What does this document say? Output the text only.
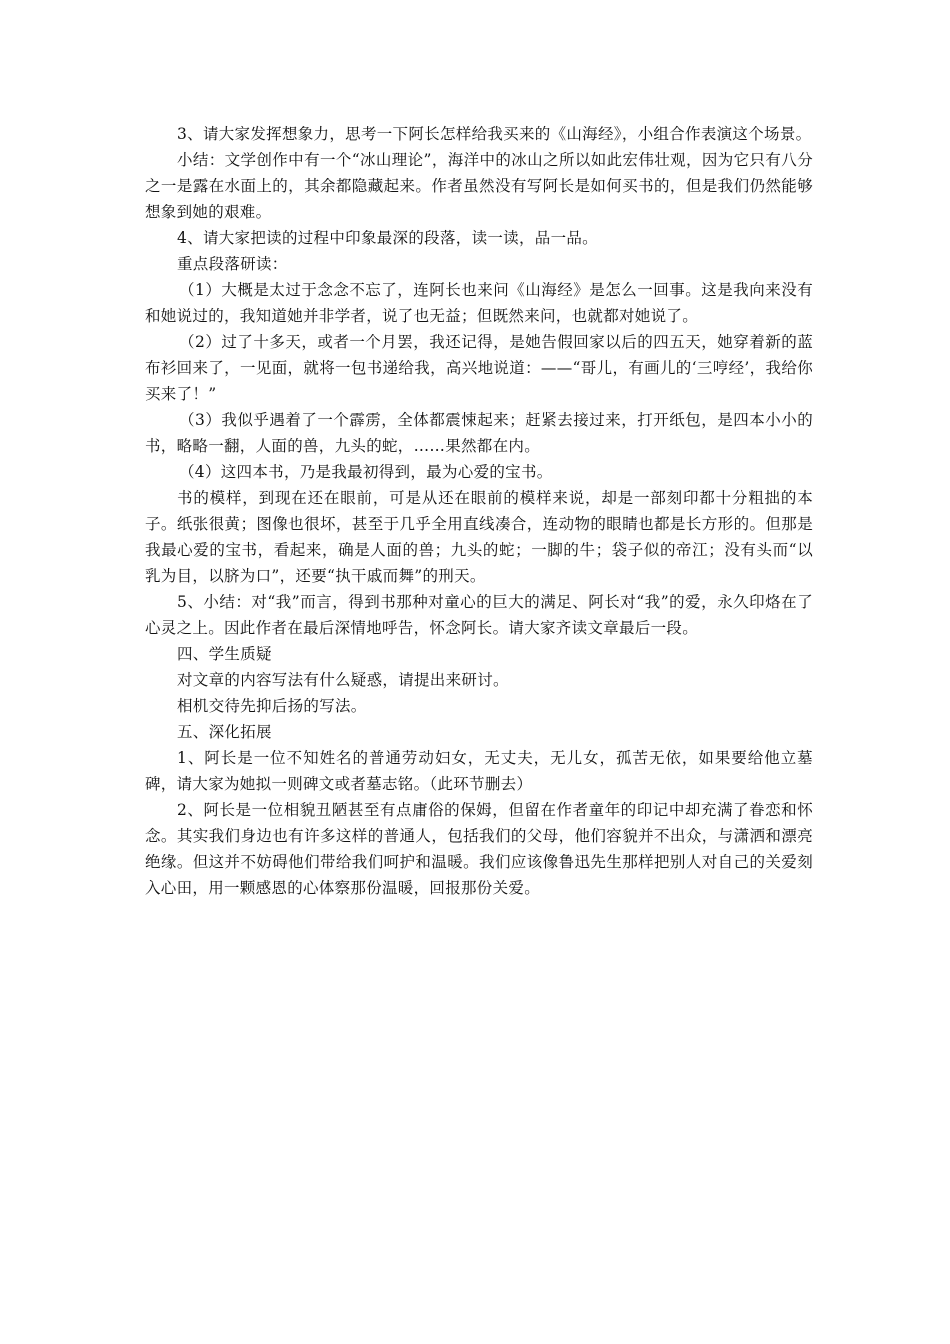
3、请大家发挥想象力，思考一下阿长怎样给我买来的《山海经》，小组合作表演这个场景。

小结：文学创作中有一个“冰山理论”，海洋中的冰山之所以如此宏伟壮观，因为它只有八分之一是露在水面上的，其余都隐藏起来。作者虽然没有写阿长是如何买书的，但是我们仍然能够想象到她的艰难。

4、请大家把读的过程中印象最深的段落，读一读，品一品。

重点段落研读：

（1）大概是太过于念念不忘了，连阿长也来问《山海经》是怎么一回事。这是我向来没有和她说过的，我知道她并非学者，说了也无益；但既然来问，也就都对她说了。

（2）过了十多天，或者一个月罢，我还记得，是她告假回家以后的四五天，她穿着新的蓝布衫回来了，一见面，就将一包书递给我，高兴地说道：——“哥儿，有画儿的‘三哼经’，我给你买来了！”

（3）我似乎遇着了一个霹雳，全体都震悚起来；赶紧去接过来，打开纸包，是四本小小的书，略略一翻，人面的兽，九头的蛇，……果然都在内。

（4）这四本书，乃是我最初得到，最为心爱的宝书。

书的模样，到现在还在眼前，可是从还在眼前的模样来说，却是一部刻印都十分粗拙的本子。纸张很黄；图像也很坏，甚至于几乎全用直线凑合，连动物的眼睛也都是长方形的。但那是我最心爱的宝书，看起来，确是人面的兽；九头的蛇；一脚的牛；袋子似的帝江；没有头而“以乳为目，以脐为口”，还要“执干戚而舞”的刑天。

5、小结：对“我”而言，得到书那种对童心的巨大的满足、阿长对“我”的爱，永久印烙在了心灵之上。因此作者在最后深情地呼告，怀念阿长。请大家齐读文章最后一段。

四、学生质疑

对文章的内容写法有什么疑惑，请提出来研讨。

相机交待先抑后扬的写法。

五、深化拓展

1、阿长是一位不知姓名的普通劳动妇女，无丈夫，无儿女，孤苦无依，如果要给他立墓碑，请大家为她拟一则碑文或者墓志铭。（此环节删去）

2、阿长是一位相貌丑陋甚至有点庸俗的保姆，但留在作者童年的印记中却充满了眷恋和怀念。其实我们身边也有许多这样的普通人，包括我们的父母，他们容貌并不出众，与潇洒和漂亮绝缘。但这并不妨碍他们带给我们呵护和温暖。我们应该像鲁迅先生那样把别人对自己的关爱刻入心田，用一颗感恩的心体察那份温暖，回报那份关爱。
